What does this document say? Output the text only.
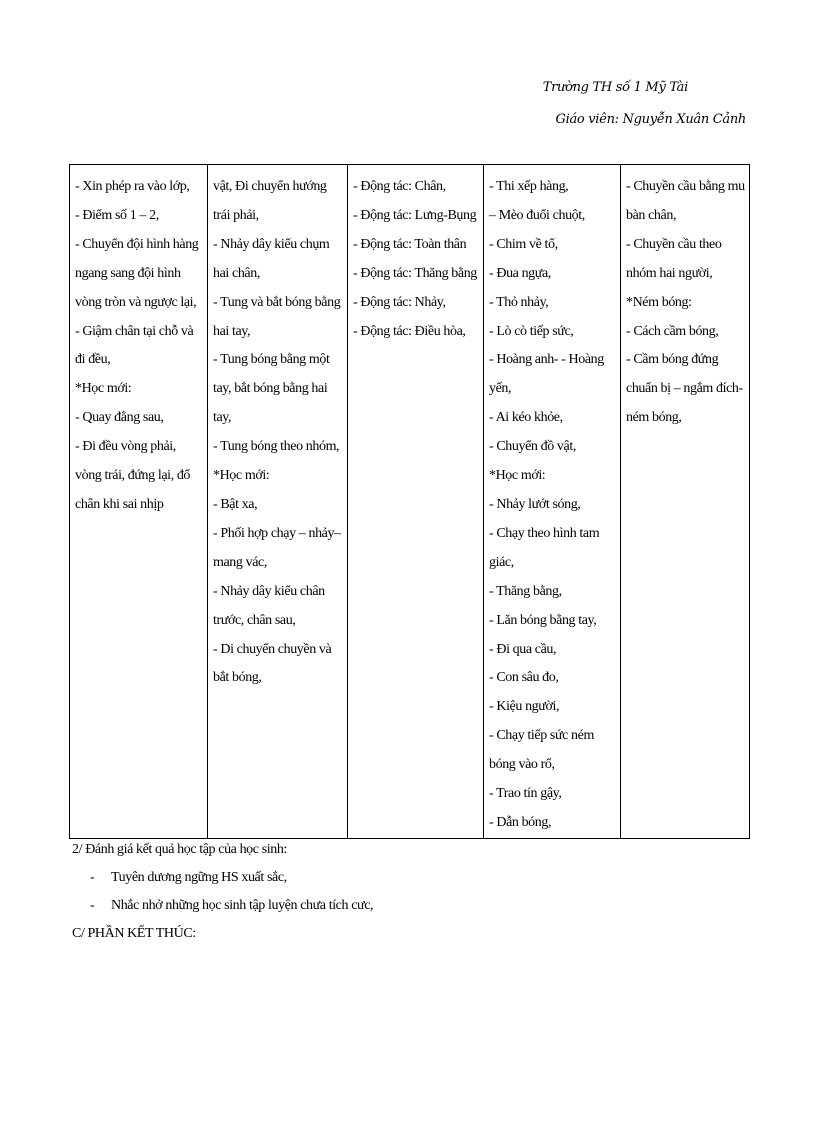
Trường TH số 1 Mỹ Tài
Giáo viên: Nguyễn Xuân Cảnh
- Xin phép ra vào lớp,
- Điểm số 1 – 2,
- Chuyển đội hình hàng ngang sang đội hình vòng tròn và ngược lại,
- Giậm chân tại chỗ và đi đều,
*Học mới:
- Quay đằng sau,
- Đi đều vòng phải, vòng trái, đứng lại, đổ chân khi sai nhịp

vật, Đi chuyển hướng trái phải,
- Nhảy dây kiểu chụm hai chân,
- Tung và bắt bóng bằng hai tay,
- Tung bóng bằng một tay, bắt bóng bằng hai tay,
- Tung bóng theo nhóm,
*Học mới:
- Bật xa,
- Phối hợp chạy – nhảy– mang vác,
- Nhảy dây kiểu chân trước, chân sau,
- Di chuyển chuyền và bắt bóng,

- Động tác: Chân,
- Động tác: Lưng-Bụng
- Động tác: Toàn thân
- Động tác: Thăng bằng
- Động tác: Nhảy,
- Động tác: Điều hòa,

- Thi xếp hàng,
– Mèo đuổi chuột,
- Chim về tổ,
- Đua ngựa,
- Thỏ nhảy,
- Lò cò tiếp sức,
- Hoàng anh- - Hoàng yến,
- Ai kéo khỏe,
- Chuyển đồ vật,
*Học mới:
- Nhảy lướt sóng,
- Chạy theo hình tam giác,
- Thăng bằng,
- Lăn bóng bằng tay,
- Đi qua cầu,
- Con sâu đo,
- Kiệu người,
- Chạy tiếp sức ném bóng vào rổ,
- Trao tín gậy,
- Dẫn bóng,

- Chuyền cầu bằng mu bàn chân,
- Chuyền cầu theo nhóm hai người,
*Ném bóng:
- Cách cầm bóng,
- Cầm bóng đứng chuẩn bị – ngắm đích- ném bóng,
2/ Đánh giá kết quả học tập của học sinh:
- Tuyên dương ngững HS xuất sắc,
- Nhắc nhở những học sinh tập luyện chưa tích cưc,
C/ PHẦN KẾT THÚC:
